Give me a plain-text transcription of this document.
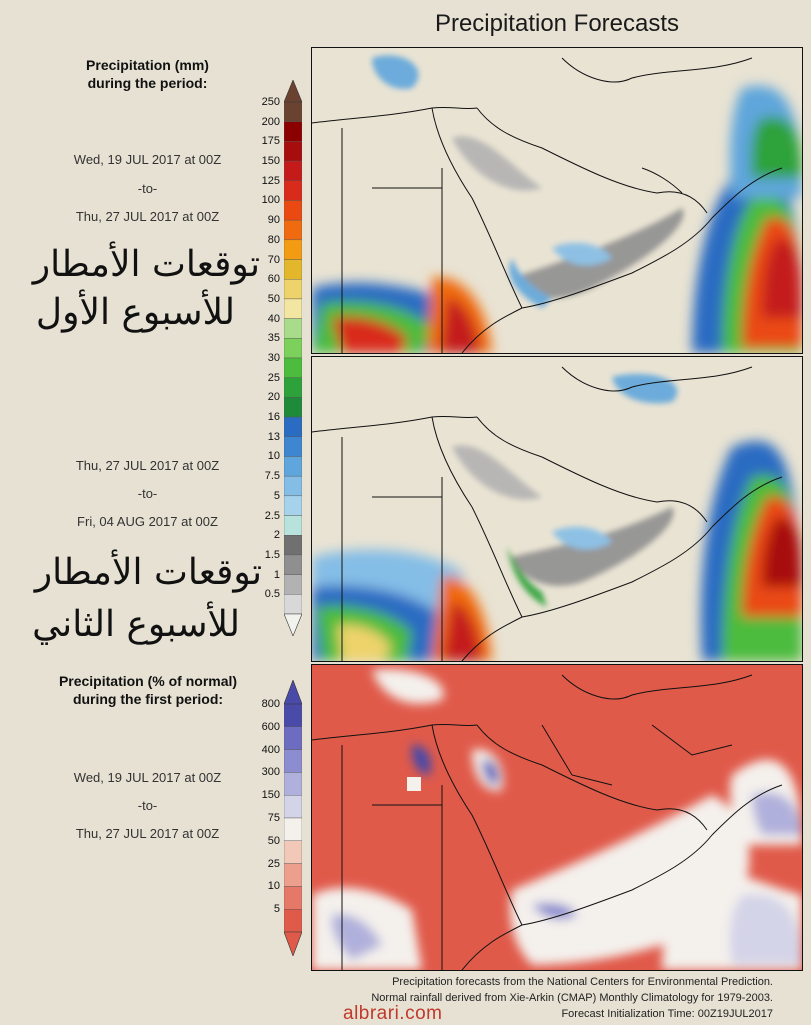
Precipitation Forecasts
Precipitation (mm)
during the period:
Wed, 19 JUL 2017 at 00Z
-to-
Thu, 27 JUL 2017 at 00Z
توقعات الأمطار
للأسبوع الأول
Thu, 27 JUL 2017 at 00Z
-to-
Fri, 04 AUG 2017 at 00Z
توقعات الأمطار
للأسبوع الثاني
250
200
175
150
125
100
90
80
70
60
50
40
35
30
25
20
16
13
10
7.5
5
2.5
2
1.5
1
0.5
Precipitation (% of normal)
during the first period:
Wed, 19 JUL 2017 at 00Z
-to-
Thu, 27 JUL 2017 at 00Z
800
600
400
300
150
75
50
25
10
5
Precipitation forecasts from the National Centers for Environmental Prediction.
Normal rainfall derived from Xie-Arkin (CMAP) Monthly Climatology for 1979-2003.
Forecast Initialization Time: 00Z19JUL2017
albrari.com
